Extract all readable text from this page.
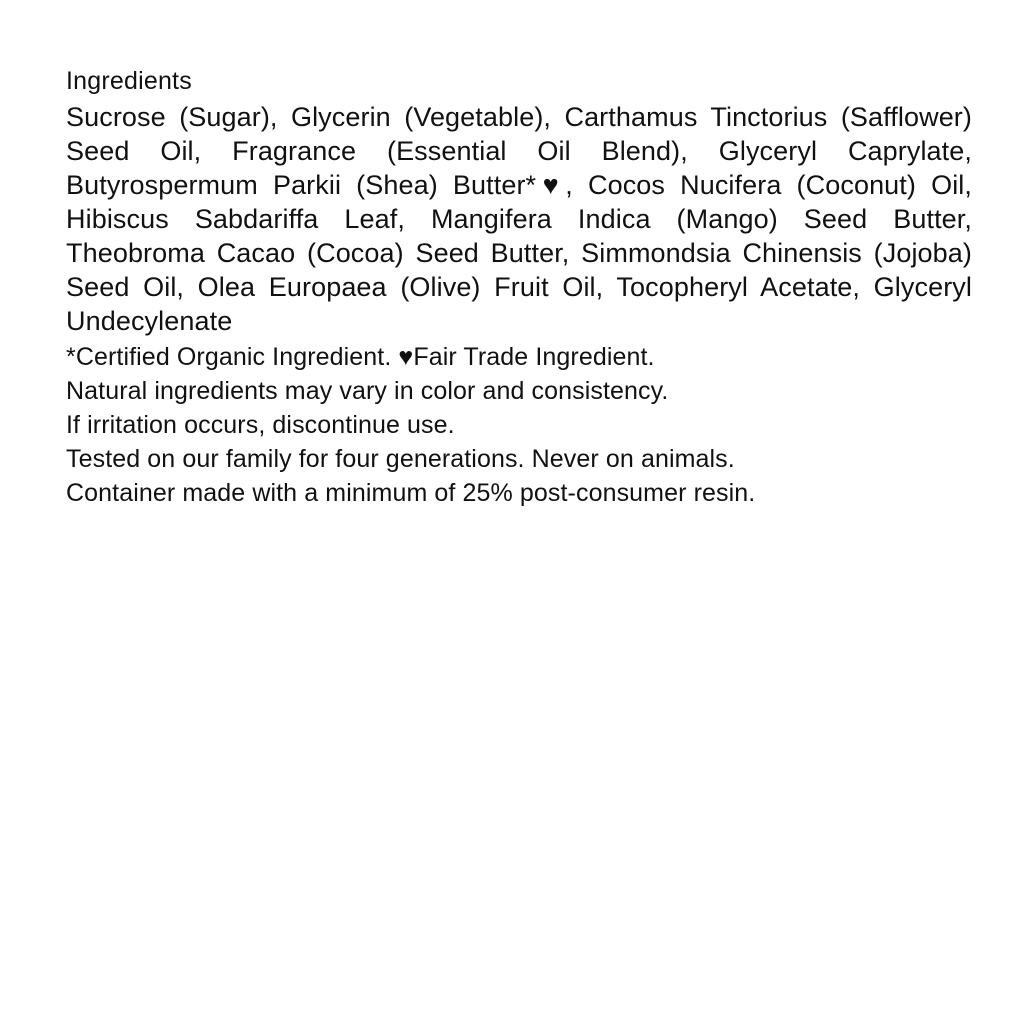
Ingredients

Sucrose (Sugar), Glycerin (Vegetable), Carthamus Tinctorius (Safflower) Seed Oil, Fragrance (Essential Oil Blend), Glyceryl Caprylate, Butyrospermum Parkii (Shea) Butter*♥, Cocos Nucifera (Coconut) Oil, Hibiscus Sabdariffa Leaf, Mangifera Indica (Mango) Seed Butter, Theobroma Cacao (Cocoa) Seed Butter, Simmondsia Chinensis (Jojoba) Seed Oil, Olea Europaea (Olive) Fruit Oil, Tocopheryl Acetate, Glyceryl Undecylenate

*Certified Organic Ingredient. ♥Fair Trade Ingredient.

Natural ingredients may vary in color and consistency.

If irritation occurs, discontinue use.

Tested on our family for four generations. Never on animals.

Container made with a minimum of 25% post-consumer resin.
